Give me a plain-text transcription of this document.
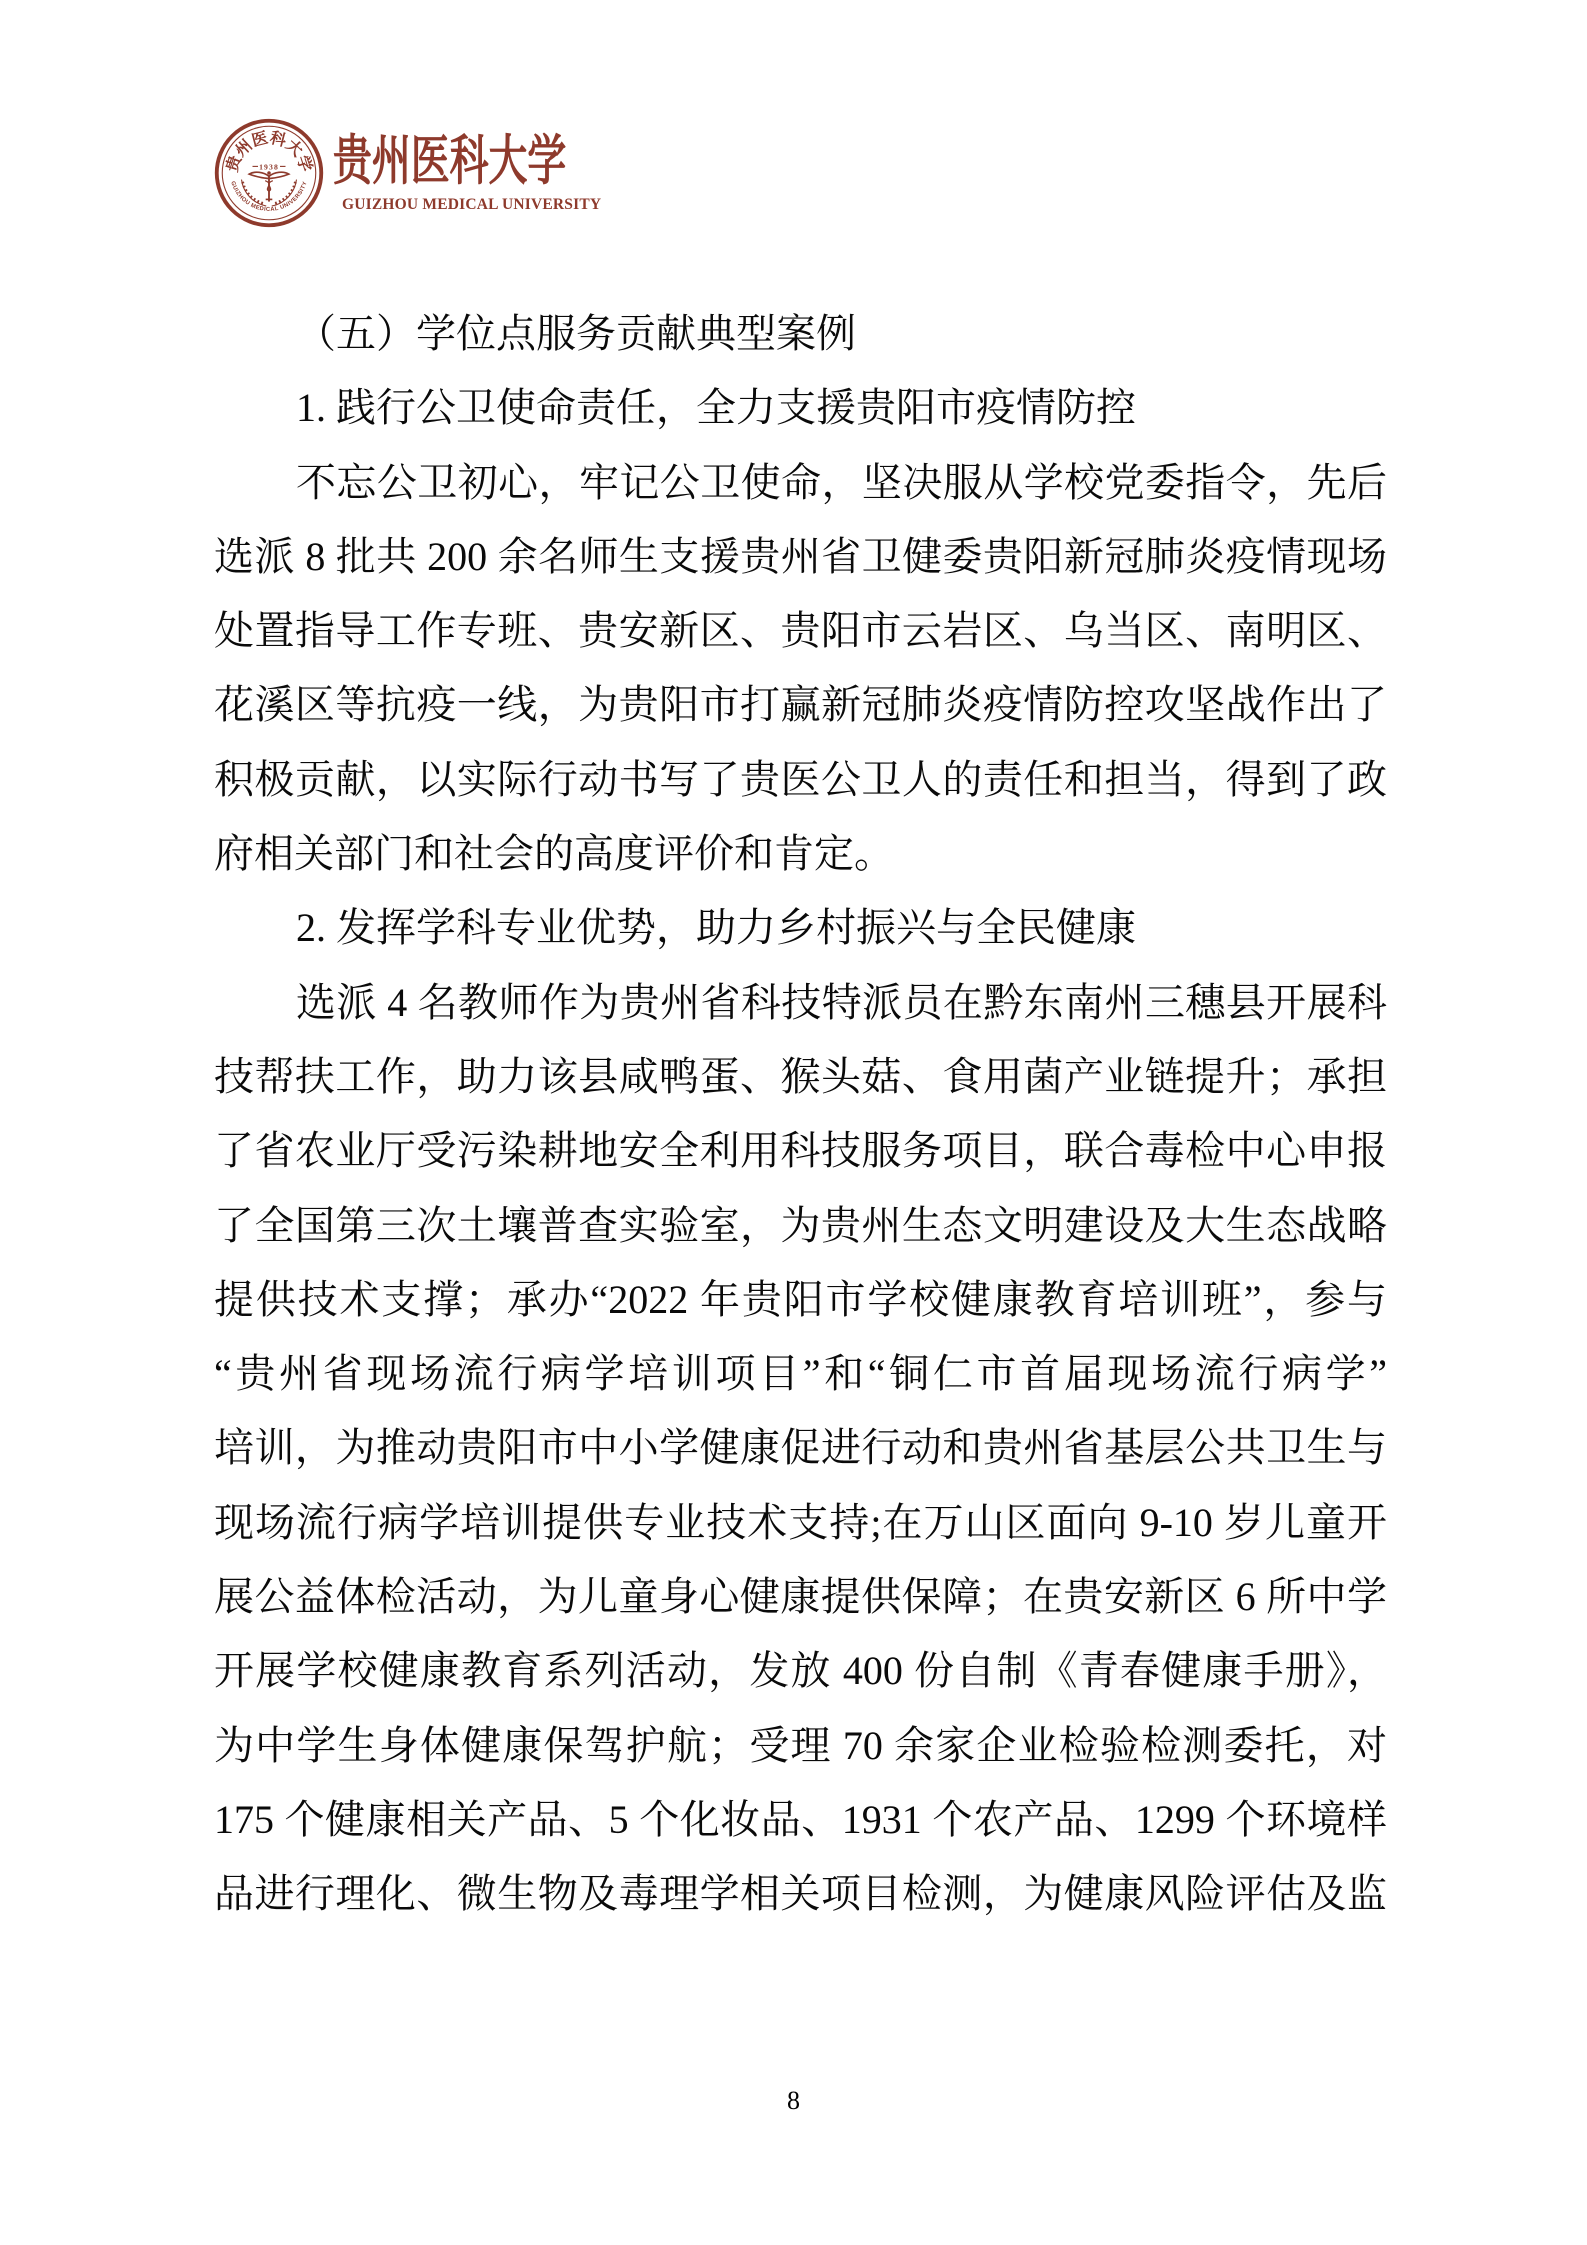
贵州医科大学
1938
GUIZHOU MEDICAL UNIVERSITY 贵州医科大学
GUIZHOU MEDICAL UNIVERSITY
（五）学位点服务贡献典型案例
1. 践行公卫使命责任，全力支援贵阳市疫情防控
不忘公卫初心，牢记公卫使命，坚决服从学校党委指令，先后
选派 8 批共 200 余名师生支援贵州省卫健委贵阳新冠肺炎疫情现场
处置指导工作专班、贵安新区、贵阳市云岩区、乌当区、南明区、
花溪区等抗疫一线，为贵阳市打赢新冠肺炎疫情防控攻坚战作出了
积极贡献，以实际行动书写了贵医公卫人的责任和担当，得到了政
府相关部门和社会的高度评价和肯定。
2. 发挥学科专业优势，助力乡村振兴与全民健康
选派 4 名教师作为贵州省科技特派员在黔东南州三穗县开展科
技帮扶工作，助力该县咸鸭蛋、猴头菇、食用菌产业链提升；承担
了省农业厅受污染耕地安全利用科技服务项目，联合毒检中心申报
了全国第三次土壤普查实验室，为贵州生态文明建设及大生态战略
提供技术支撑；承办“2022 年贵阳市学校健康教育培训班”，参与
“贵州省现场流行病学培训项目”和“铜仁市首届现场流行病学”
培训，为推动贵阳市中小学健康促进行动和贵州省基层公共卫生与
现场流行病学培训提供专业技术支持;在万山区面向 9-10 岁儿童开
展公益体检活动，为儿童身心健康提供保障；在贵安新区 6 所中学
开展学校健康教育系列活动，发放 400 份自制《青春健康手册》，
为中学生身体健康保驾护航；受理 70 余家企业检验检测委托，对
175 个健康相关产品、5 个化妆品、1931 个农产品、1299 个环境样
品进行理化、微生物及毒理学相关项目检测，为健康风险评估及监
8
